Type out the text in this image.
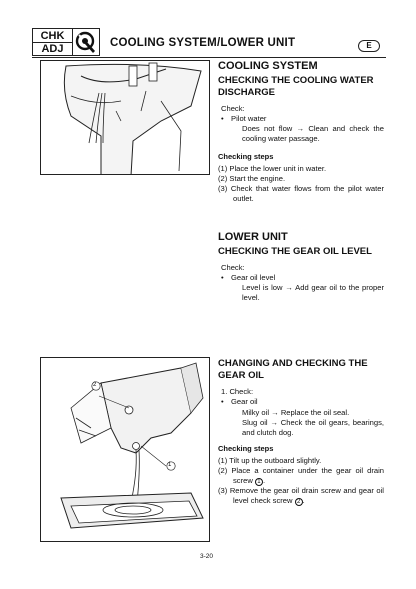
CHK
ADJ	COOLING SYSTEM/LOWER UNIT	E
2
1
COOLING SYSTEM
CHECKING THE COOLING WATER DISCHARGE
Check:
• Pilot water
Does not flow → Clean and check the cooling water passage.
Checking steps
(1) Place the lower unit in water.
(2) Start the engine.
(3) Check that water flows from the pilot water outlet.
LOWER UNIT
CHECKING THE GEAR OIL LEVEL
Check:
• Gear oil level
Level is low → Add gear oil to the proper level.
CHANGING AND CHECKING THE GEAR OIL
1. Check:
• Gear oil
Milky oil → Replace the oil seal.
Slug oil → Check the oil gears, bearings, and clutch dog.
Checking steps
(1) Tilt up the outboard slightly.
(2) Place a container under the gear oil drain screw 1 .
(3) Remove the gear oil drain screw and gear oil level check screw 2 .
3-20
